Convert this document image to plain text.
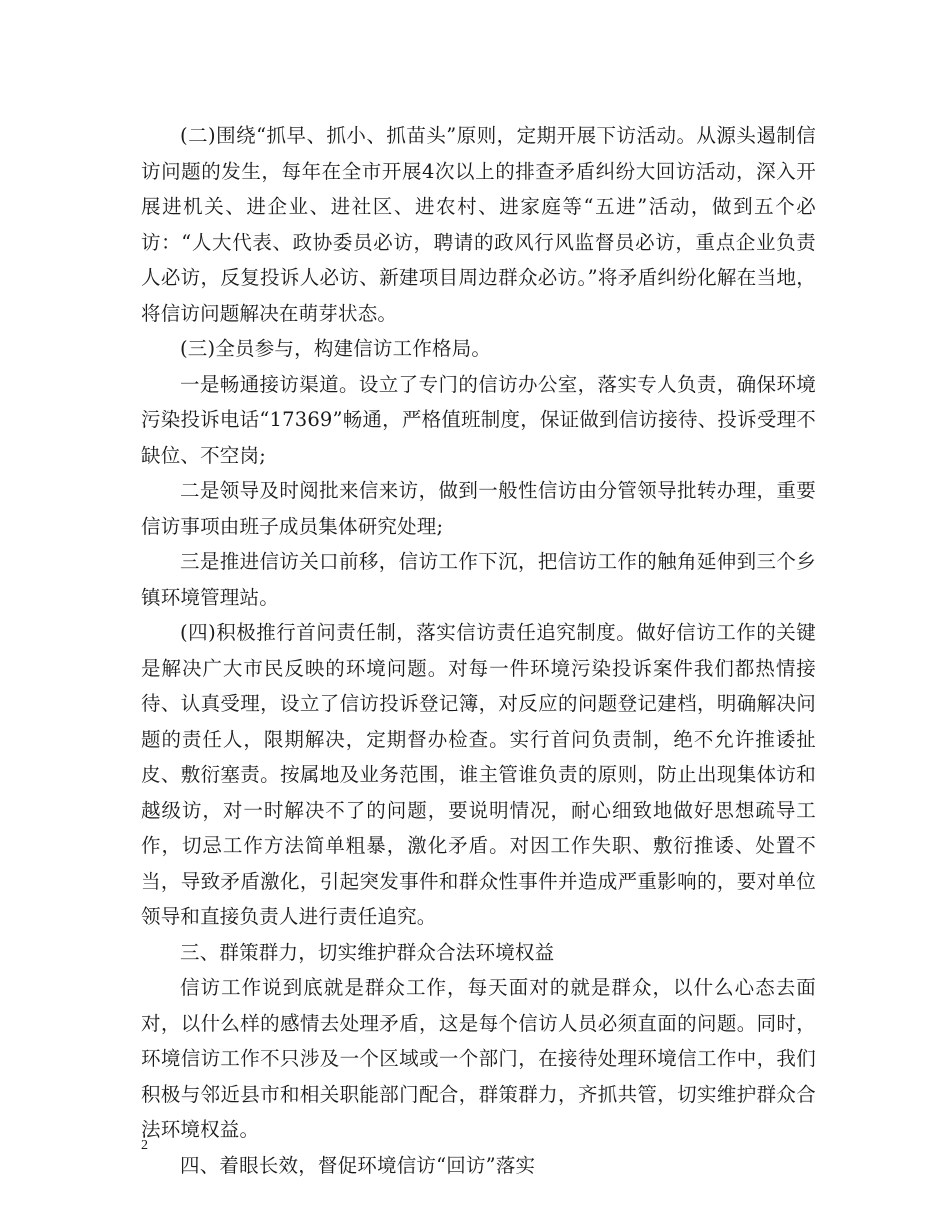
(二)围绕“抓早、抓小、抓苗头”原则，定期开展下访活动。从源头遏制信访问题的发生，每年在全市开展4次以上的排查矛盾纠纷大回访活动，深入开展进机关、进企业、进社区、进农村、进家庭等“五进”活动，做到五个必访：“人大代表、政协委员必访，聘请的政风行风监督员必访，重点企业负责人必访，反复投诉人必访、新建项目周边群众必访。”将矛盾纠纷化解在当地，将信访问题解决在萌芽状态。

(三)全员参与，构建信访工作格局。

一是畅通接访渠道。设立了专门的信访办公室，落实专人负责，确保环境污染投诉电话“17369”畅通，严格值班制度，保证做到信访接待、投诉受理不缺位、不空岗;

二是领导及时阅批来信来访，做到一般性信访由分管领导批转办理，重要信访事项由班子成员集体研究处理;

三是推进信访关口前移，信访工作下沉，把信访工作的触角延伸到三个乡镇环境管理站。

(四)积极推行首问责任制，落实信访责任追究制度。做好信访工作的关键是解决广大市民反映的环境问题。对每一件环境污染投诉案件我们都热情接待、认真受理，设立了信访投诉登记簿，对反应的问题登记建档，明确解决问题的责任人，限期解决，定期督办检查。实行首问负责制，绝不允许推诿扯皮、敷衍塞责。按属地及业务范围，谁主管谁负责的原则，防止出现集体访和越级访，对一时解决不了的问题，要说明情况，耐心细致地做好思想疏导工作，切忌工作方法简单粗暴，激化矛盾。对因工作失职、敷衍推诿、处置不当，导致矛盾激化，引起突发事件和群众性事件并造成严重影响的，要对单位领导和直接负责人进行责任追究。

三、群策群力，切实维护群众合法环境权益

信访工作说到底就是群众工作，每天面对的就是群众，以什么心态去面对，以什么样的感情去处理矛盾，这是每个信访人员必须直面的问题。同时，环境信访工作不只涉及一个区域或一个部门，在接待处理环境信工作中，我们积极与邻近县市和相关职能部门配合，群策群力，齐抓共管，切实维护群众合法环境权益。

四、着眼长效，督促环境信访“回访”落实

2
